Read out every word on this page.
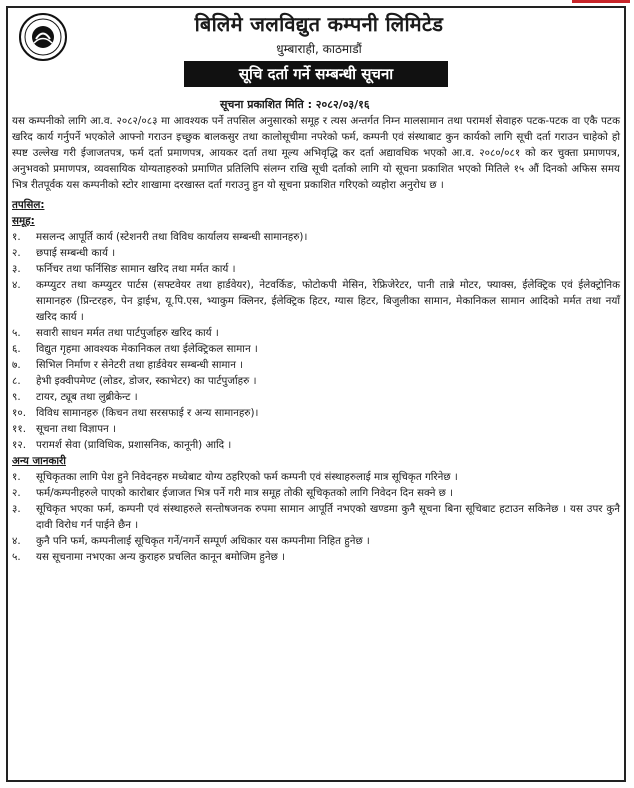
बिलिमे जलविद्युत कम्पनी लिमिटेड
धुम्बाराही, काठमाडौं
सूचि दर्ता गर्ने सम्बन्धी सूचना
सूचना प्रकाशित मिति : २०८२/०३/१६
यस कम्पनीको लागि आ.व. २०८२/०८३ मा आवश्यक पर्ने तपसिल अनुसारको समूह र त्यस अन्तर्गत निम्न मालसामान तथा परामर्श सेवाहरु पटक-पटक वा एकै पटक खरिद कार्य गर्नुपर्ने भएकोले आफ्नो गराउन इच्छुक बालकसुर तथा कालोसूचीमा नपरेको फर्म, कम्पनी एवं संस्थाबाट कुन कार्यको लागि सूची दर्ता गराउन चाहेको हो स्पष्ट उल्लेख गरी ईजाजतपत्र, फर्म दर्ता प्रमाणपत्र, आयकर दर्ता तथा मूल्य अभिवृद्धि कर दर्ता अद्यावधिक भएको आ.व. २०८०/०८१ को कर चुक्ता प्रमाणपत्र, अनुभवको प्रमाणपत्र, व्यवसायिक योग्यताहरुको प्रमाणित प्रतिलिपि संलग्न राखि सूची दर्ताको लागि यो सूचना प्रकाशित भएको मितिले १५ औं दिनको अफिस समय भित्र रीतपूर्वक यस कम्पनीको स्टोर शाखामा दरखास्त दर्ता गराउनु हुन यो सूचना प्रकाशित गरिएको व्यहोरा अनुरोध छ ।
तपसिल:
समूह:
१.	मसलन्द आपूर्ति कार्य (स्टेशनरी तथा विविध कार्यालय सम्बन्धी सामानहरु)।
२.	छपाई सम्बन्धी कार्य ।
३.	फर्निचर तथा फर्निसिङ सामान खरिद तथा मर्मत कार्य ।
४.	कम्प्युटर तथा कम्प्युटर पार्टस (सफ्टवेयर तथा हार्डवेयर), नेटवर्किङ, फोटोकपी मेसिन, रेफ्रिजेरेटर, पानी तान्ने मोटर, फ्याक्स, ईलेक्ट्रिक एवं ईलेक्ट्रोनिक सामानहरु (प्रिन्टरहरु, पेन ड्राईभ, यू.पि.एस, भ्याकुम क्लिनर, ईलेक्ट्रिक हिटर, ग्यास हिटर, बिजुलीका सामान, मेकानिकल सामान आदिको मर्मत तथा नयाँ खरिद कार्य ।
५.	सवारी साधन मर्मत तथा पार्टपुर्जाहरु खरिद कार्य ।
६.	विद्युत गृहमा आवश्यक मेकानिकल तथा ईलेक्ट्रिकल सामान ।
७.	सिभिल निर्माण र सेनेटरी तथा हार्डवेयर सम्बन्धी सामान ।
८.	हेभी इक्वीपमेण्ट (लोडर, डोजर, स्काभेटर) का पार्टपुर्जाहरु ।
९.	टायर, ट्यूब तथा लुब्रीकेन्ट ।
१०. विविध सामानहरु (किचन तथा सरसफाई र अन्य सामानहरु)।
११. सूचना तथा विज्ञापन ।
१२. परामर्श सेवा (प्राविधिक, प्रशासनिक, कानूनी) आदि ।
अन्य जानकारी
१.	सूचिकृतका लागि पेश हुने निवेदनहरु मध्येबाट योग्य ठहरिएको फर्म कम्पनी एवं संस्थाहरुलाई मात्र सूचिकृत गरिनेछ ।
२.	फर्म/कम्पनीहरुले पाएको कारोबार ईजाजत भित्र पर्ने गरी मात्र समूह तोकी सूचिकृतको लागि निवेदन दिन सक्ने छ ।
३.	सूचिकृत भएका फर्म, कम्पनी एवं संस्थाहरुले सन्तोषजनक रुपमा सामान आपूर्ति नभएको खण्डमा कुनै सूचना बिना सूचिबाट हटाउन सकिनेछ । यस उपर कुनै दावी विरोध गर्न पाईने छैन ।
४.	कुनै पनि फर्म, कम्पनीलाई सूचिकृत गर्ने/नगर्ने सम्पूर्ण अधिकार यस कम्पनीमा निहित हुनेछ ।
५.	यस सूचनामा नभएका अन्य कुराहरु प्रचलित कानून बमोजिम हुनेछ ।
